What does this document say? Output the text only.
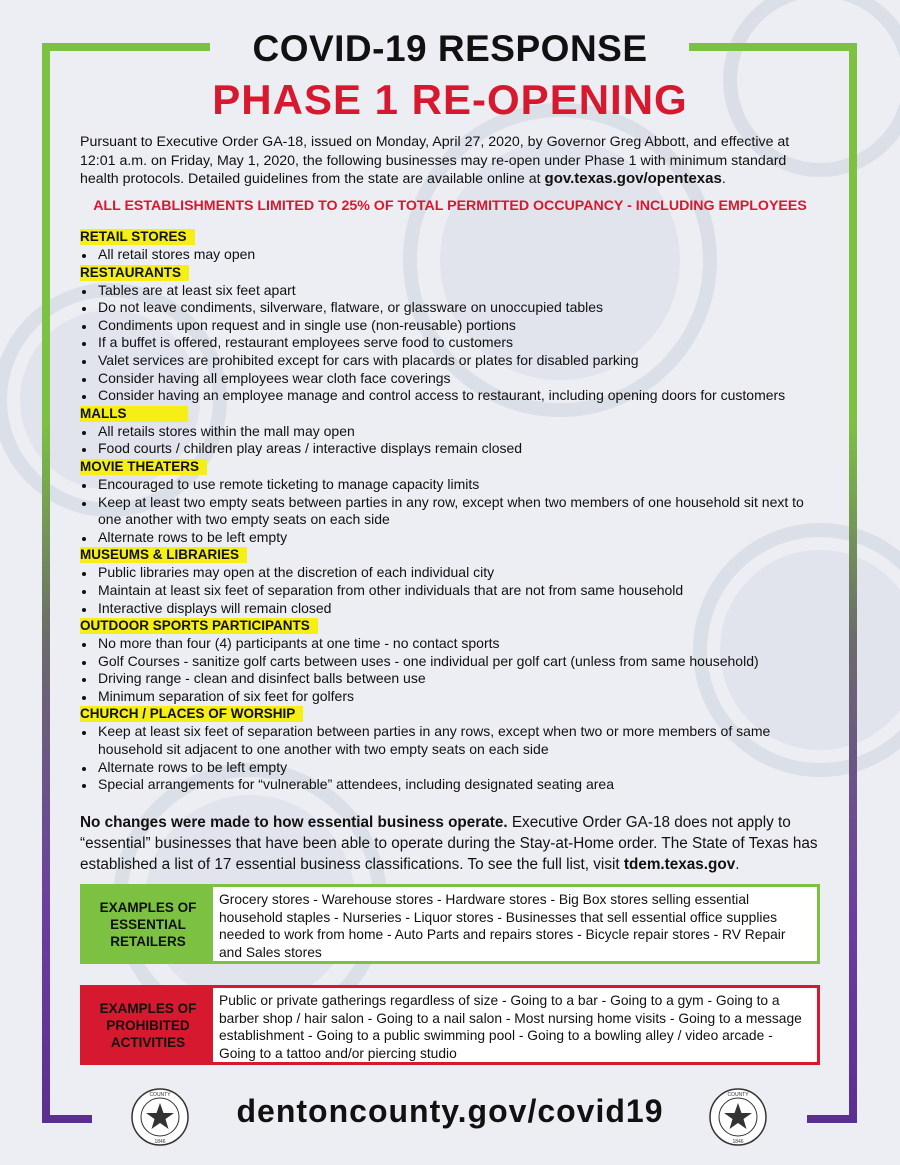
COVID-19 RESPONSE
PHASE 1 RE-OPENING
Pursuant to Executive Order GA-18, issued on Monday, April 27, 2020, by Governor Greg Abbott, and effective at 12:01 a.m. on Friday, May 1, 2020, the following businesses may re-open under Phase 1 with minimum standard health protocols. Detailed guidelines from the state are available online at gov.texas.gov/opentexas.
ALL ESTABLISHMENTS LIMITED TO 25% OF TOTAL PERMITTED OCCUPANCY - INCLUDING EMPLOYEES
RETAIL STORES
All retail stores may open
RESTAURANTS
Tables are at least six feet apart
Do not leave condiments, silverware, flatware, or glassware on unoccupied tables
Condiments upon request and in single use (non-reusable) portions
If a buffet is offered, restaurant employees serve food to customers
Valet services are prohibited except for cars with placards or plates for disabled parking
Consider having all employees wear cloth face coverings
Consider having an employee manage and control access to restaurant, including opening doors for customers
MALLS
All retails stores within the mall may open
Food courts / children play areas / interactive displays remain closed
MOVIE THEATERS
Encouraged to use remote ticketing to manage capacity limits
Keep at least two empty seats between parties in any row, except when two members of one household sit next to one another with two empty seats on each side
Alternate rows to be left empty
MUSEUMS & LIBRARIES
Public libraries may open at the discretion of each individual city
Maintain at least six feet of separation from other individuals that are not from same household
Interactive displays will remain closed
OUTDOOR SPORTS PARTICIPANTS
No more than four (4) participants at one time - no contact sports
Golf Courses - sanitize golf carts between uses - one individual per golf cart (unless from same household)
Driving range - clean and disinfect balls between use
Minimum separation of six feet for golfers
CHURCH / PLACES OF WORSHIP
Keep at least six feet of separation between parties in any rows, except when two or more members of same household sit adjacent to one another with two empty seats on each side
Alternate rows to be left empty
Special arrangements for “vulnerable” attendees, including designated seating area
No changes were made to how essential business operate. Executive Order GA-18 does not apply to “essential” businesses that have been able to operate during the Stay-at-Home order. The State of Texas has established a list of 17 essential business classifications. To see the full list, visit tdem.texas.gov.
EXAMPLES OF ESSENTIAL RETAILERS
Grocery stores - Warehouse stores - Hardware stores - Big Box stores selling essential household staples - Nurseries - Liquor stores - Businesses that sell essential office supplies needed to work from home - Auto Parts and repairs stores - Bicycle repair stores - RV Repair and Sales stores
EXAMPLES OF PROHIBITED ACTIVITIES
Public or private gatherings regardless of size - Going to a bar - Going to a gym - Going to a barber shop / hair salon - Going to a nail salon - Most nursing home visits - Going to a message establishment - Going to a public swimming pool - Going to a bowling alley / video arcade - Going to a tattoo and/or piercing studio
COUNTY
1846
dentoncounty.gov/covid19	COUNTY
1846
